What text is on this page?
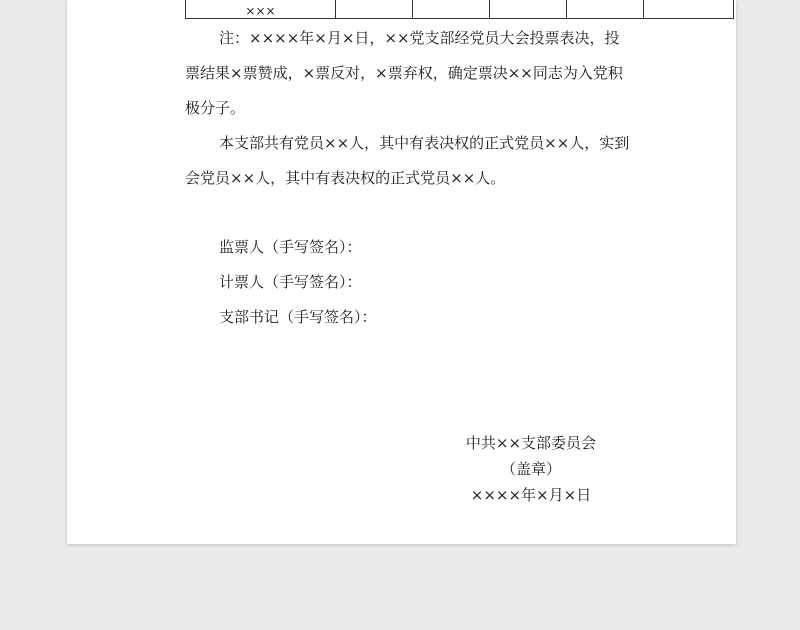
×××					
注：××××年×月×日，××党支部经党员大会投票表决，投
票结果×票赞成，×票反对，×票弃权，确定票决××同志为入党积
极分子。
本支部共有党员××人，其中有表决权的正式党员××人，实到
会党员××人，其中有表决权的正式党员××人。
监票人（手写签名）：
计票人（手写签名）：
支部书记（手写签名）：
中共××支部委员会
（盖章）
××××年×月×日
